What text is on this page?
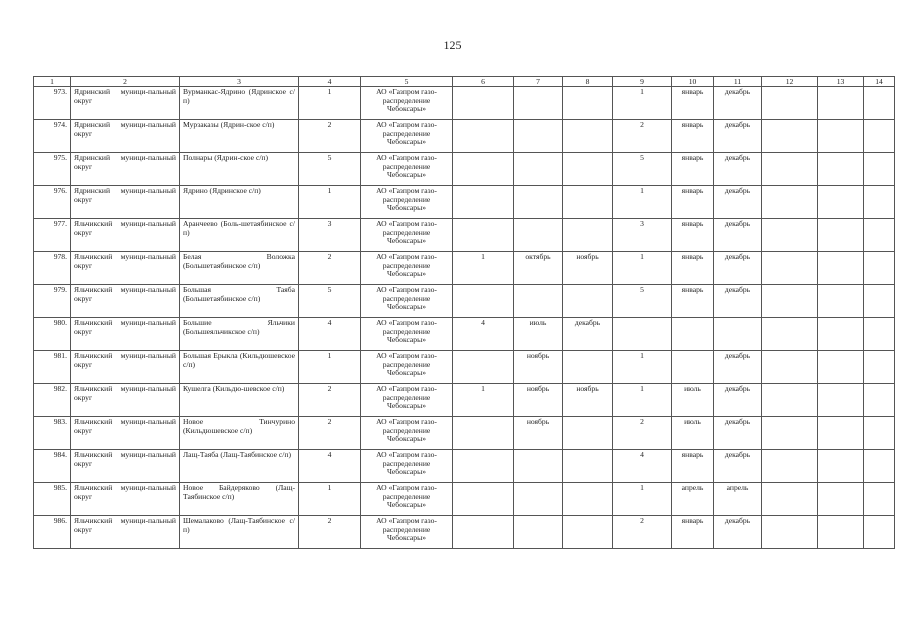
125
1	2	3	4	5	6	7	8	9	10	11	12	13	14
973.	Ядринский муници-пальный округ	Вурманкас-Ядрино (Ядринское с/п)	1	АО «Газпром газо-распределение Чебоксары»				1	январь	декабрь			
974.	Ядринский муници-пальный округ	Мурзаказы (Ядрин-ское с/п)	2	АО «Газпром газо-распределение Чебоксары»				2	январь	декабрь			
975.	Ядринский муници-пальный округ	Полнары (Ядрин-ское с/п)	5	АО «Газпром газо-распределение Чебоксары»				5	январь	декабрь			
976.	Ядринский муници-пальный округ	Ядрино (Ядринское с/п)	1	АО «Газпром газо-распределение Чебоксары»				1	январь	декабрь			
977.	Яльчикский муници-пальный округ	Аранчеево (Боль-шетаябинское с/п)	3	АО «Газпром газо-распределение Чебоксары»				3	январь	декабрь			
978.	Яльчикский муници-пальный округ	Белая Воложка (Большетаябинское с/п)	2	АО «Газпром газо-распределение Чебоксары»	1	октябрь	ноябрь	1	январь	декабрь			
979.	Яльчикский муници-пальный округ	Большая Таяба (Большетаябинское с/п)	5	АО «Газпром газо-распределение Чебоксары»				5	январь	декабрь			
980.	Яльчикский муници-пальный округ	Большие Яльчики (Большеяльчикское с/п)	4	АО «Газпром газо-распределение Чебоксары»	4	июль	декабрь						
981.	Яльчикский муници-пальный округ	Большая Ерыкла (Кильдюшевское с/п)	1	АО «Газпром газо-распределение Чебоксары»		ноябрь		1		декабрь			
982.	Яльчикский муници-пальный округ	Кушелга (Кильдю-шевское с/п)	2	АО «Газпром газо-распределение Чебоксары»	1	ноябрь	ноябрь	1	июль	декабрь			
983.	Яльчикский муници-пальный округ	Новое Тинчурино (Кильдюшевское с/п)	2	АО «Газпром газо-распределение Чебоксары»		ноябрь		2	июль	декабрь			
984.	Яльчикский муници-пальный округ	Лащ-Таяба (Лащ-Таябинское с/п)	4	АО «Газпром газо-распределение Чебоксары»				4	январь	декабрь			
985.	Яльчикский муници-пальный округ	Новое Байдеряково (Лащ-Таябинское с/п)	1	АО «Газпром газо-распределение Чебоксары»				1	апрель	апрель			
986.	Яльчикский муници-пальный округ	Шемалаково (Лащ-Таябинское с/п)	2	АО «Газпром газо-распределение Чебоксары»				2	январь	декабрь			
